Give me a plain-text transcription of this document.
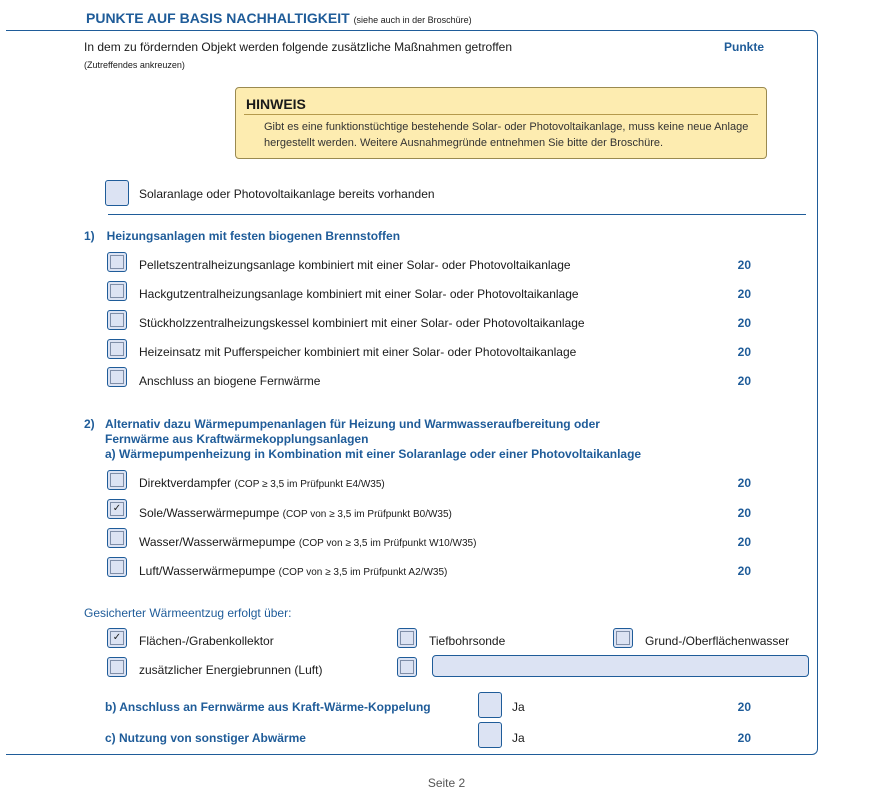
PUNKTE AUF BASIS NACHHALTIGKEIT (siehe auch in der Broschüre)
In dem zu fördernden Objekt werden folgende zusätzliche Maßnahmen getroffen
(Zutreffendes ankreuzen)
Punkte
HINWEIS
Gibt es eine funktionstüchtige bestehende Solar- oder Photovoltaikanlage, muss keine neue Anlage hergestellt werden. Weitere Ausnahmegründe entnehmen Sie bitte der Broschüre.
Solaranlage oder Photovoltaikanlage bereits vorhanden
1) Heizungsanlagen mit festen biogenen Brennstoffen
Pelletszentralheizungsanlage kombiniert mit einer Solar- oder Photovoltaikanlage	20
Hackgutzentralheizungsanlage kombiniert mit einer Solar- oder Photovoltaikanlage	20
Stückholzzentralheizungskessel kombiniert mit einer Solar- oder Photovoltaikanlage	20
Heizeinsatz mit Pufferspeicher kombiniert mit einer Solar- oder Photovoltaikanlage	20
Anschluss an biogene Fernwärme	20
2) Alternativ dazu Wärmepumpenanlagen für Heizung und Warmwasseraufbereitung oder
Fernwärme aus Kraftwärmekopplungsanlagen
a) Wärmepumpenheizung in Kombination mit einer Solaranlage oder einer Photovoltaikanlage
Direktverdampfer (COP ≥ 3,5 im Prüfpunkt E4/W35)	20
✓	Sole/Wasserwärmepumpe (COP von ≥ 3,5 im Prüfpunkt B0/W35)	20
Wasser/Wasserwärmepumpe (COP von ≥ 3,5 im Prüfpunkt W10/W35)	20
Luft/Wasserwärmepumpe (COP von ≥ 3,5 im Prüfpunkt A2/W35)	20
Gesicherter Wärmeentzug erfolgt über:
✓	Flächen-/Grabenkollektor	Tiefbohrsonde	Grund-/Oberflächenwasser
zusätzlicher Energiebrunnen (Luft)
b) Anschluss an Fernwärme aus Kraft-Wärme-Koppelung	Ja	20
c) Nutzung von sonstiger Abwärme	Ja	20
Seite 2
